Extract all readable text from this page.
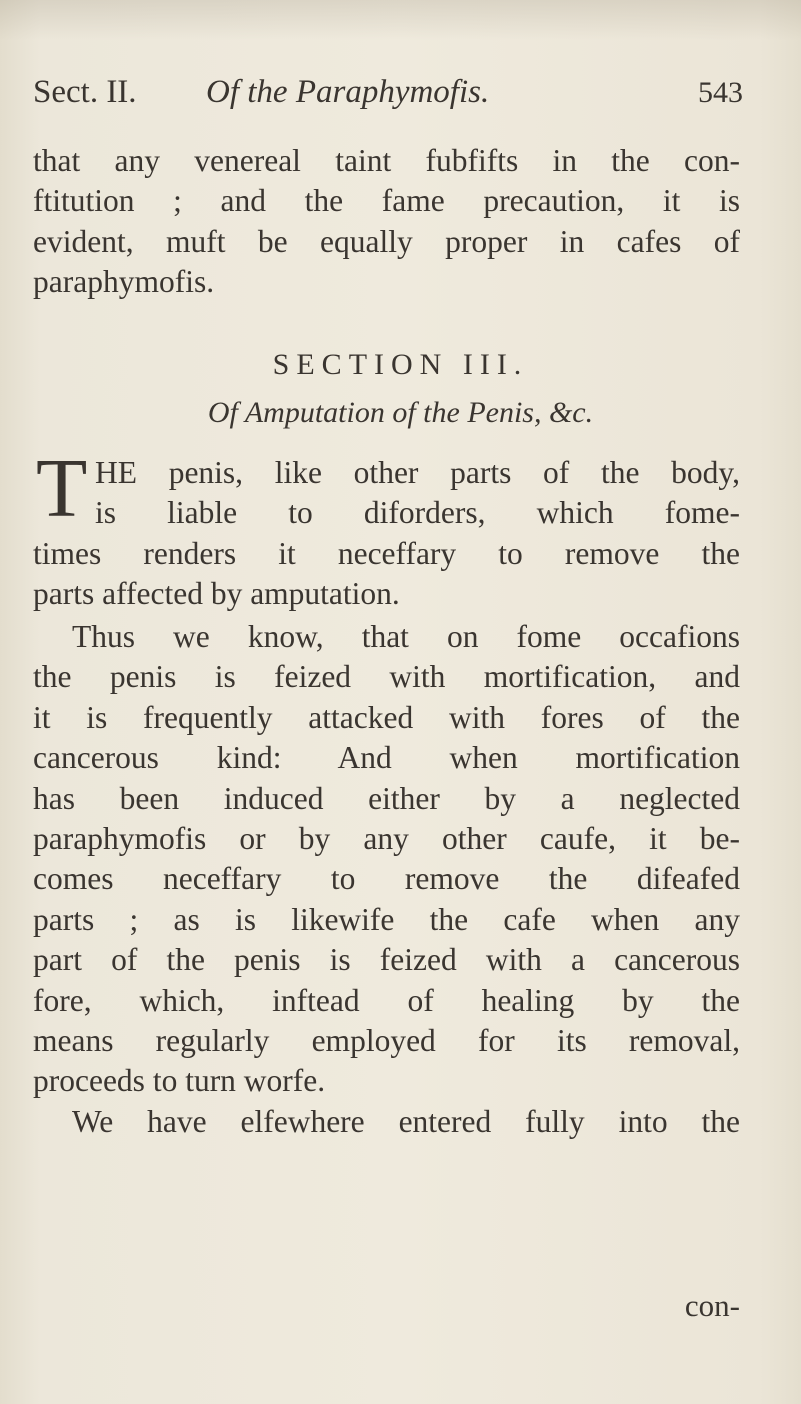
Sect. II. Of the Paraphymofis.	543
that any venereal taint fubfifts in the con-
ftitution ; and the fame precaution, it is
evident, muft be equally proper in cafes of
paraphymofis.
SECTION III.
Of Amputation of the Penis, &c.
T HE penis, like other parts of the body,
is liable to diforders, which fome-
times renders it neceffary to remove the
parts affected by amputation.
Thus we know, that on fome occafions
the penis is feized with mortification, and
it is frequently attacked with fores of the
cancerous kind: And when mortification
has been induced either by a neglected
paraphymofis or by any other caufe, it be-
comes neceffary to remove the difeafed
parts ; as is likewife the cafe when any
part of the penis is feized with a cancerous
fore, which, inftead of healing by the
means regularly employed for its removal,
proceeds to turn worfe.
We have elfewhere entered fully into the
con-
